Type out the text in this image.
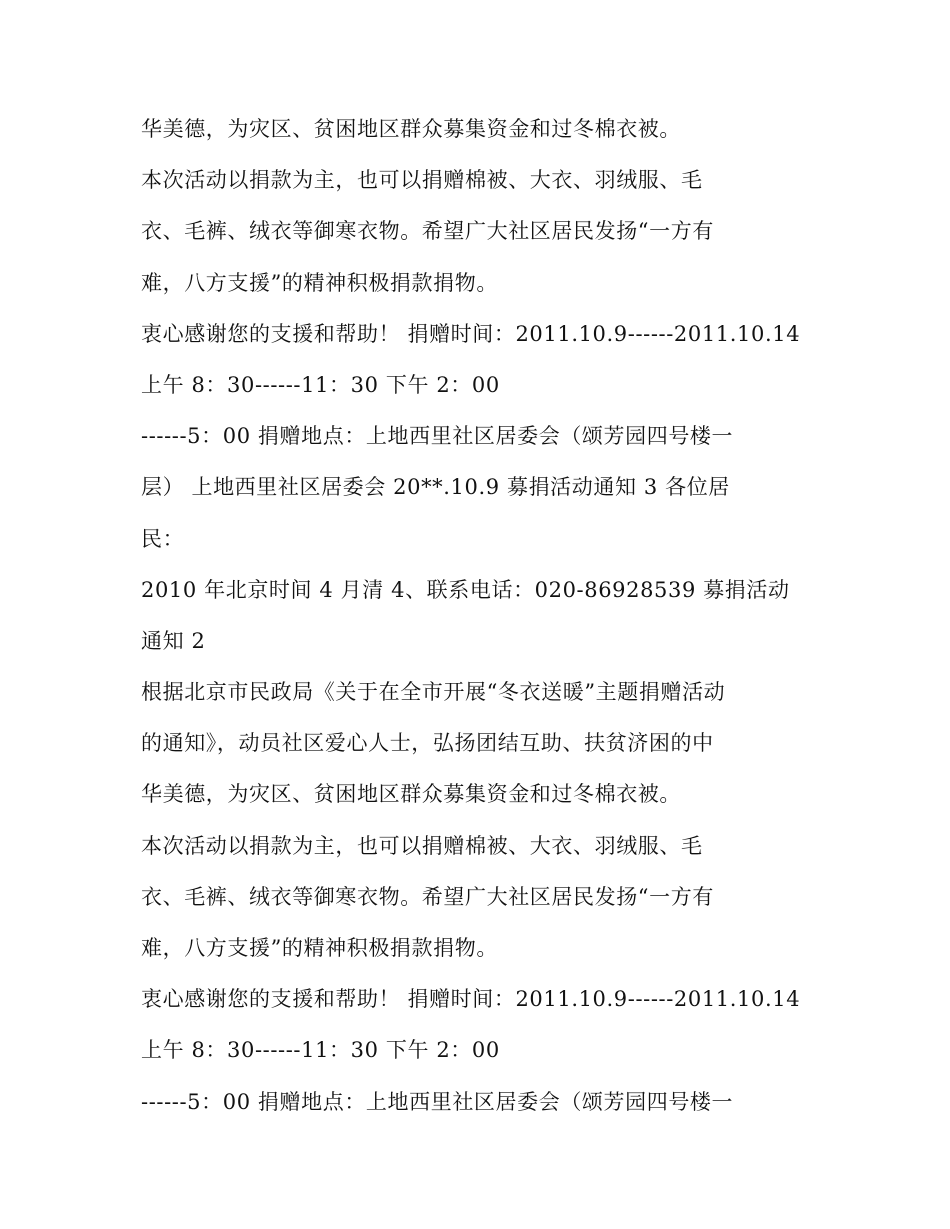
华美德，为灾区、贫困地区群众募集资金和过冬棉衣被。
本次活动以捐款为主，也可以捐赠棉被、大衣、羽绒服、毛
衣、毛裤、绒衣等御寒衣物。希望广大社区居民发扬“一方有
难，八方支援”的精神积极捐款捐物。
衷心感谢您的支援和帮助！ 捐赠时间：2011.10.9------2011.10.14
上午 8：30------11：30 下午 2：00
------5：00 捐赠地点：上地西里社区居委会（颂芳园四号楼一
层） 上地西里社区居委会 20**.10.9 募捐活动通知 3 各位居
民：
2010 年北京时间 4 月清 4、联系电话：020-86928539 募捐活动
通知 2
根据北京市民政局《关于在全市开展“冬衣送暖”主题捐赠活动
的通知》，动员社区爱心人士，弘扬团结互助、扶贫济困的中
华美德，为灾区、贫困地区群众募集资金和过冬棉衣被。
本次活动以捐款为主，也可以捐赠棉被、大衣、羽绒服、毛
衣、毛裤、绒衣等御寒衣物。希望广大社区居民发扬“一方有
难，八方支援”的精神积极捐款捐物。
衷心感谢您的支援和帮助！ 捐赠时间：2011.10.9------2011.10.14
上午 8：30------11：30 下午 2：00
------5：00 捐赠地点：上地西里社区居委会（颂芳园四号楼一
